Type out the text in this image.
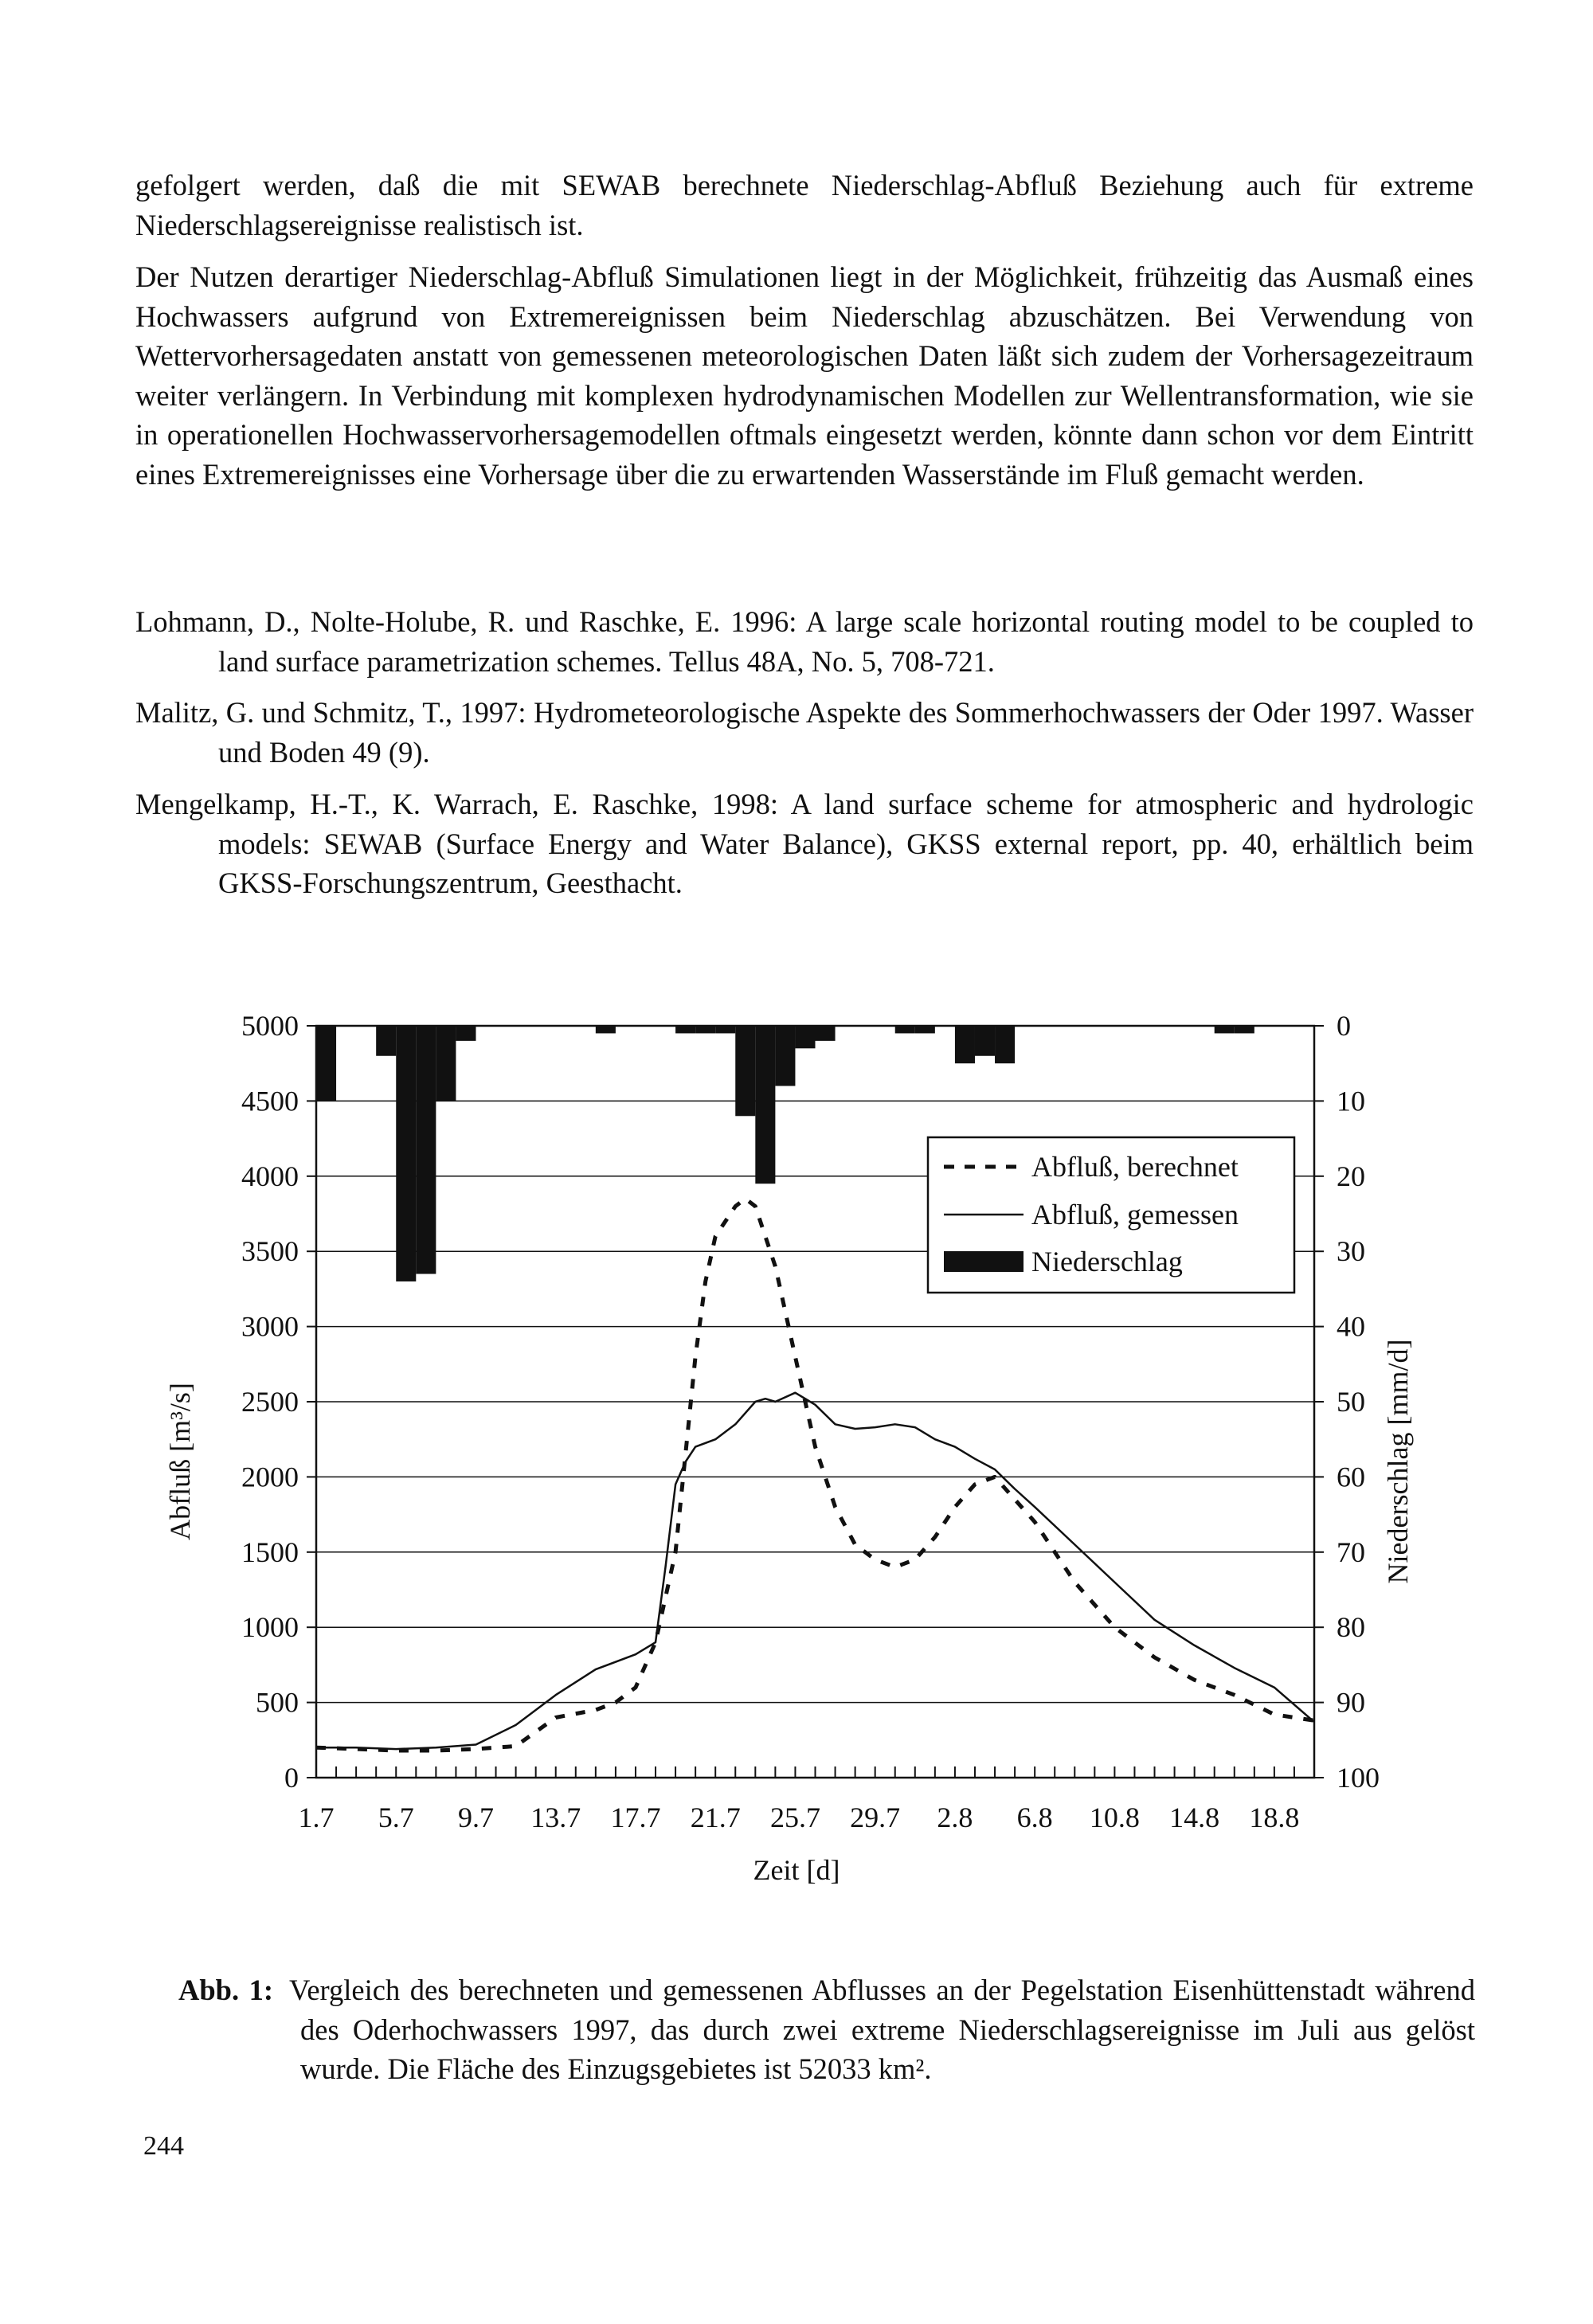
gefolgert werden, daß die mit SEWAB berechnete Niederschlag-Abfluß Beziehung auch für extreme Niederschlagsereignisse realistisch ist.

Der Nutzen derartiger Niederschlag-Abfluß Simulationen liegt in der Möglichkeit, frühzeitig das Ausmaß eines Hochwassers aufgrund von Extremereignissen beim Niederschlag abzuschätzen. Bei Verwendung von Wettervorhersagedaten anstatt von gemessenen meteorologischen Daten läßt sich zudem der Vorhersagezeitraum weiter verlängern. In Verbindung mit komplexen hydrodynamischen Modellen zur Wellentransformation, wie sie in operationellen Hochwasservorhersagemodellen oftmals eingesetzt werden, könnte dann schon vor dem Eintritt eines Extremereignisses eine Vorhersage über die zu erwartenden Wasserstände im Fluß gemacht werden.

Lohmann, D., Nolte-Holube, R. und Raschke, E. 1996: A large scale horizontal routing model to be coupled to land surface parametrization schemes. Tellus 48A, No. 5, 708-721.
Malitz, G. und Schmitz, T., 1997: Hydrometeorologische Aspekte des Sommerhochwassers der Oder 1997. Wasser und Boden 49 (9).
Mengelkamp, H.-T., K. Warrach, E. Raschke, 1998: A land surface scheme for atmospheric and hydrologic models: SEWAB (Surface Energy and Water Balance), GKSS external report, pp. 40, erhältlich beim GKSS-Forschungszentrum, Geesthacht.
0
500
1000
1500
2000
2500
3000
3500
4000
4500
5000	0
10
20
30
40
50
60
70
80
90
100
1.7 5.7 9.7 13.7 17.7 21.7 25.7 29.7 2.8 6.8 10.8 14.8 18.8
Abfluß, berechnet
Abfluß, gemessen
Niederschlag
Zeit [d]
Abfluß [m³/s]	Niederschlag [mm/d]
Abb. 1: Vergleich des berechneten und gemessenen Abflusses an der Pegelstation Eisenhüttenstadt während des Oderhochwassers 1997, das durch zwei extreme Niederschlagsereignisse im Juli aus gelöst wurde. Die Fläche des Einzugsgebietes ist 52033 km².
244
